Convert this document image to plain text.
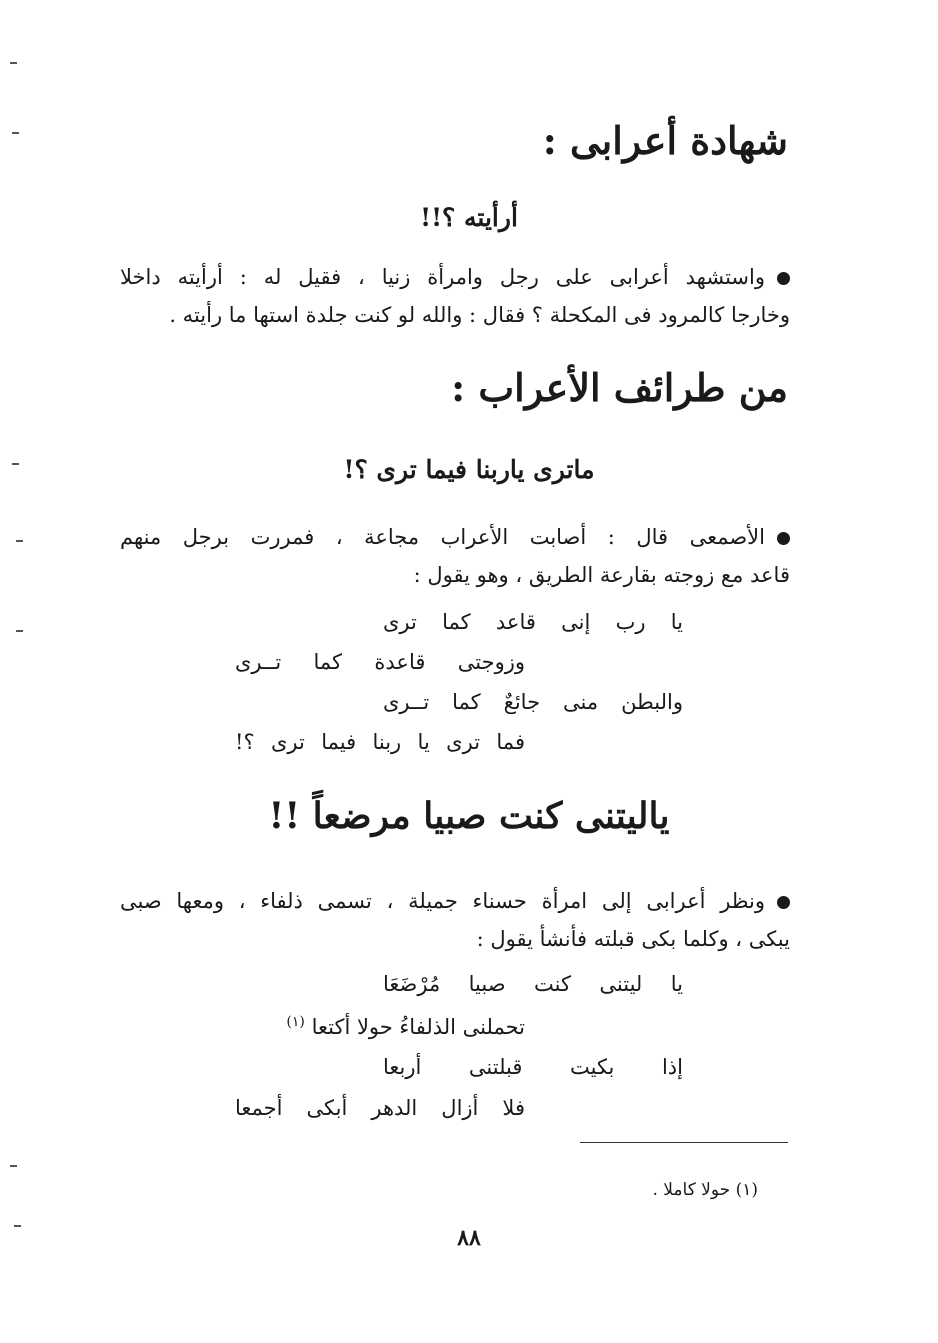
شهادة أعرابى :
أرأيته ؟!!
واستشهد أعرابى على رجل وامرأة زنيا ، فقيل له : أرأيته داخلا
وخارجا كالمرود فى المكحلة ؟ فقال : والله لو كنت جلدة استها ما رأيته .
من طرائف الأعراب :
ماترى ياربنا فيما ترى ؟!
الأصمعى قال : أصابت الأعراب مجاعة ، فمررت برجل منهم
قاعد مع زوجته بقارعة الطريق ، وهو يقول :
يا رب إنى قاعد كما ترى
وزوجتى قاعدة كما تــرى
والبطن منى جائعٌ كما تــرى
فما ترى يا ربنا فيما ترى ؟!
ياليتنى كنت صبيا مرضعاً !!
ونظر أعرابى إلى امرأة حسناء جميلة ، تسمى ذلفاء ، ومعها صبى
يبكى ، وكلما بكى قبلته فأنشأ يقول :
يا ليتنى كنت صبيا مُرْضَعَا
تحملنى الذلفاءُ حولا أكتعا $^{(١)}$
إذا بكيت قبلتنى أربعا
فلا أزال الدهر أبكى أجمعا
(١) حولا كاملا .
٨٨
